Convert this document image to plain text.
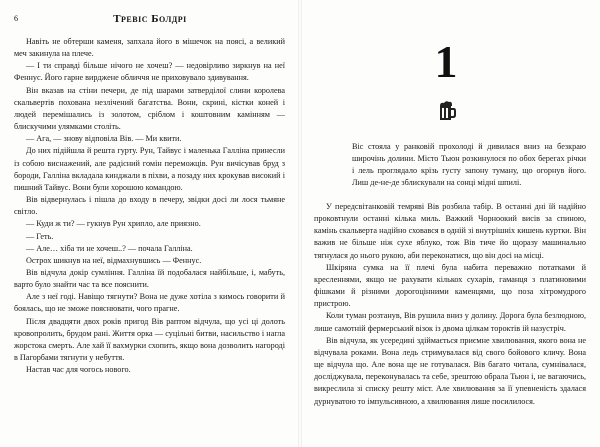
6	Тревіс Болдрі

Навіть не обтерши каменя, запхала його в мішечок на поясі, а великий меч закинула на плече.

— І ти справді більше нічого не хочеш? — недовірливо зиркнув на неї Феннус. Його гарне вирджене обличчя не приховувало здивування.

Він вказав на стіни печери, де під шарами затвердiлої слини королева скальвертів похована незлічений багатства. Вони, скрині, кістки коней і людей перемішались із золотом, сріблом і коштовним камінням — блискучими улямками століть.

— Ага, — знову відповіла Вів. — Ми квити.

До них підійшла й решта гурту. Рун, Тайвус і маленька Галліна принесли із собою виснажений, але радісний гомін переможців. Рун вичісував бруд з бороди, Галліна вкладала кинджали в піхви, а позаду них крокував високий і пишний Тайвус. Вони були хорошою командою.

Вів відвернулась і пішла до входу в печеру, звідки досі ли лося тьмяне світло.

— Куди ж ти? — гукнув Рун хрипло, але приязно.

— Геть.

— Але… хіба ти не хочеш..? — почала Галліна.

Острох шикнув на неї, відмахнувшись — Феннус.

Вів відчула докір сумління. Галліна їй подобалася найбільше, і, мабуть, варто було знайти час та все пояснити.

Але з неї годі. Навіщо тягнути? Вона не дуже хотіла з кимось говорити й боялась, що не зможе пояснювати, чого прагне.

Після двадцяти двох років пригод Вів раптом відчула, що усі ці долоть кровопролить, брудом рані. Життя орка — суцільні битви, насильство і нагла жорстока смерть. Але хай її вахмурки схопить, якщо вона дозволить нагороді в Пагорбами тягнути у небуття.

Настав час для чогось нового.

1

Віс стояла у ранковій прохолоді й дивилася вниз на безкраю широчінь долини. Місто Тьюн розкинулося по обох берегах річки і лель проглядало крізь густу запону туману, що огорнув його. Лиш де-не-де зблискували на сонці мідні шпилі.

У передсвітанковій темряві Вів розбила табір. В останні дні їй надійно проковтнули останні кілька миль. Важкий Чорноокий висів за спиною, камінь скальверта надійно сховався в одній зі внутрішніх кишень куртки. Він важив не більше ніж сухе яблуко, тож Вів тиче йо щоразу машинально тягнулася до нього рукою, аби переконатися, що він досі на місці.

Шкіряна сумка на її плечі була набита переважно потатками й кресленнями, якщо не рахувати кількох сухарів, гаманця з платиновими фішками й різними дорогоцінними каменцями, що поза хітромудрого пристрою.

Коли туман розтанув, Вів рушила вниз у долину. Дорога була безлюдною, лише самотній фермерський візок із двома цілкам тороктів ій назустріч.

Вів відчула, як усередині здіймається приємне хвилювання, якого вона не відчувала роками. Вона ледь стримувалася від свого бойового кличу. Вона ще відчула що. Але вона ще не готувалася. Вів багато читала, сумнівалася, досліджувала, переконувалась та себе, зрештою обрала Тьюн і, не вагаючись, викреслила зі списку решту міст. Але хвилювання за її упевненість здалася дурнуватою то імпульсивною, а хвилювання лише посилилося.
